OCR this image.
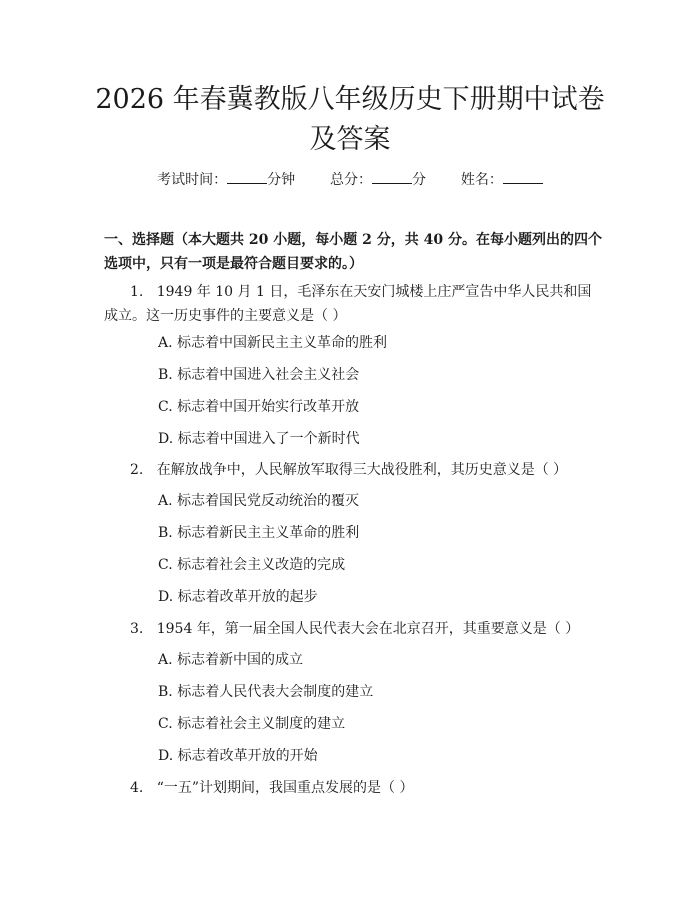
2026 年春冀教版八年级历史下册期中试卷及答案
考试时间：	分钟 总分：	分 姓名：

一、选择题（本大题共 20 小题，每小题 2 分，共 40 分。在每小题列出的四个选项中，只有一项是最符合题目要求的。）

1. 1949 年 10 月 1 日，毛泽东在天安门城楼上庄严宣告中华人民共和国成立。这一历史事件的主要意义是（ ）

A. 标志着中国新民主主义革命的胜利
B. 标志着中国进入社会主义社会
C. 标志着中国开始实行改革开放
D. 标志着中国进入了一个新时代

2. 在解放战争中，人民解放军取得三大战役胜利，其历史意义是（ ）

A. 标志着国民党反动统治的覆灭
B. 标志着新民主主义革命的胜利
C. 标志着社会主义改造的完成
D. 标志着改革开放的起步

3. 1954 年，第一届全国人民代表大会在北京召开，其重要意义是（ ）

A. 标志着新中国的成立
B. 标志着人民代表大会制度的建立
C. 标志着社会主义制度的建立
D. 标志着改革开放的开始

4. “一五”计划期间，我国重点发展的是（ ）
